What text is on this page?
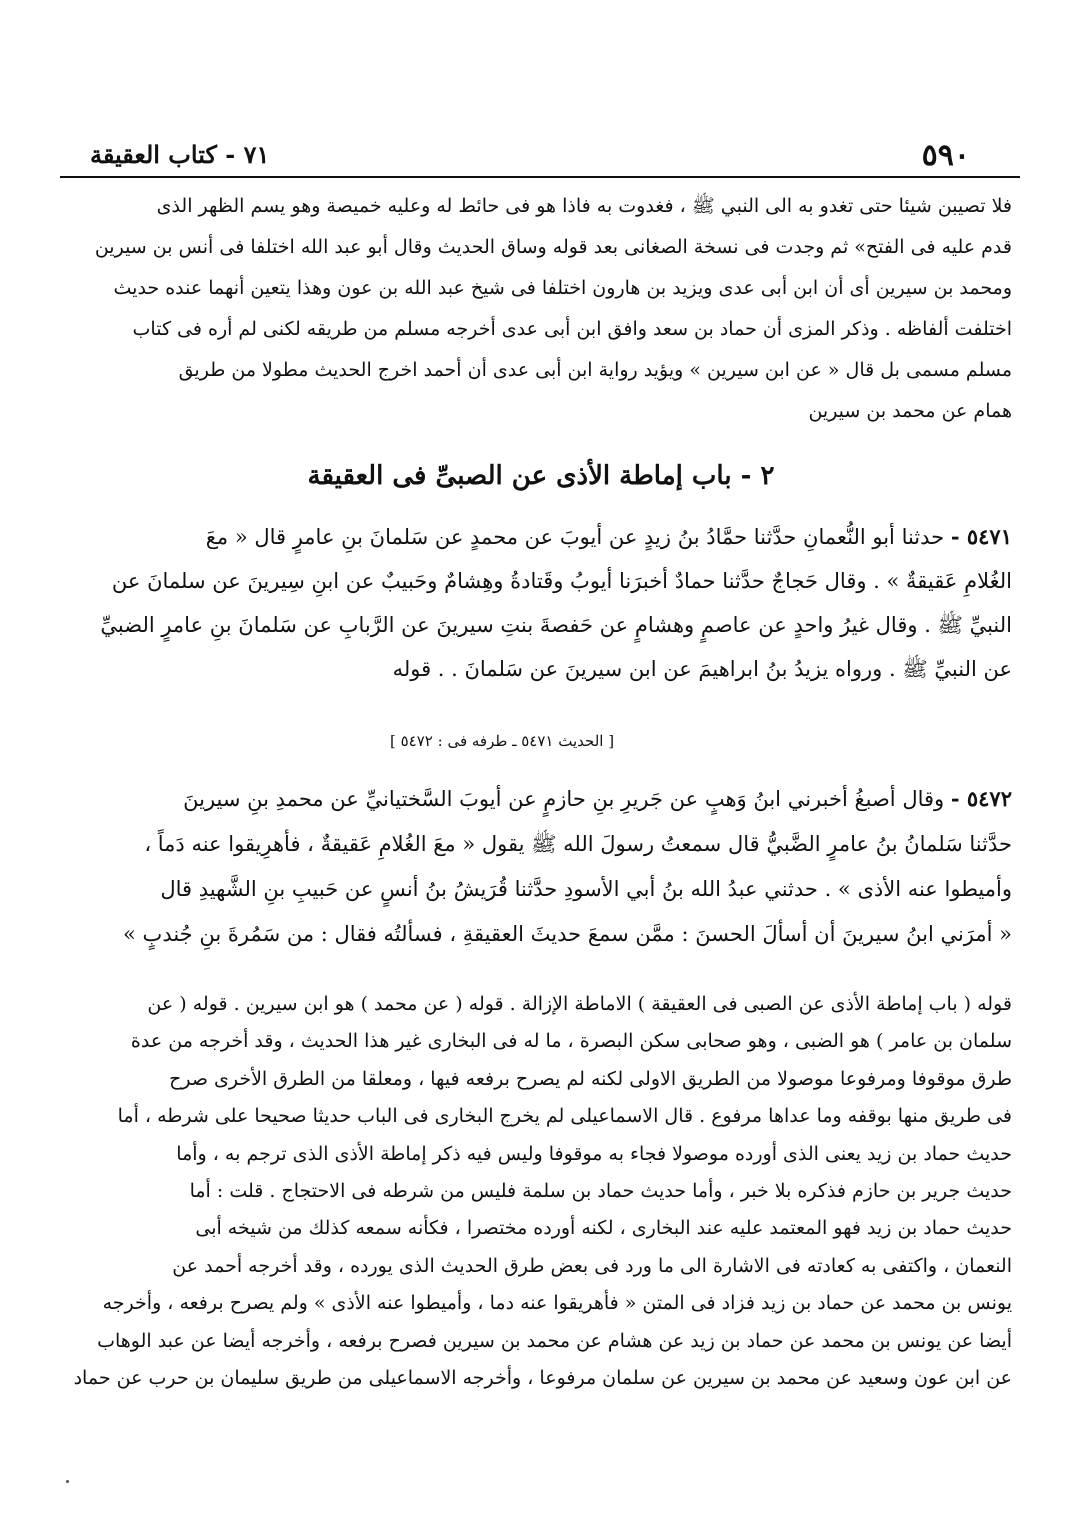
٥٩٠
٧١ - كتاب العقيقة
فلا تصيبن شيئا حتى تغدو به الى النبي ﷺ ، فغدوت به فاذا هو فى حائط له وعليه خميصة وهو يسم الظهر الذى
قدم عليه فى الفتح» ثم وجدت فى نسخة الصغانى بعد قوله وساق الحديث وقال أبو عبد الله اختلفا فى أنس بن سيرين
ومحمد بن سيرين أى أن ابن أبى عدى ويزيد بن هارون اختلفا فى شيخ عبد الله بن عون وهذا يتعين أنهما عنده حديث
اختلفت ألفاظه . وذكر المزى أن حماد بن سعد وافق ابن أبى عدى أخرجه مسلم من طريقه لكنى لم أره فى كتاب
مسلم مسمى بل قال « عن ابن سيرين » ويؤيد رواية ابن أبى عدى أن أحمد اخرج الحديث مطولا من طريق
همام عن محمد بن سيرين
٢ - باب إماطة الأذى عن الصبىِّ فى العقيقة
٥٤٧١ - حدثنا أبو النُّعمانِ حدَّثنا حمَّادُ بنُ زيدٍ عن أيوبَ عن محمدٍ عن سَلمانَ بنِ عامرٍ قال « معَ
الغُلامِ عَقيقةٌ » . وقال حَجاجٌ حدَّثنا حمادٌ أخبرَنا أيوبُ وقَتادةُ وهِشامٌ وحَبيبٌ عن ابنِ سِيرينَ عن سلمانَ عن
النبيِّ ﷺ . وقال غيرُ واحدٍ عن عاصمٍ وهشامٍ عن حَفصةَ بنتِ سيرينَ عن الرَّبابِ عن سَلمانَ بنِ عامرٍ الضبيِّ
عن النبيِّ ﷺ . ورواه يزيدُ بنُ ابراهيمَ عن ابن سيرينَ عن سَلمانَ . . قوله
[ الحديث ٥٤٧١ ـ طرفه فى : ٥٤٧٢ ]
٥٤٧٢ - وقال أصبغُ أخبرني ابنُ وَهبٍ عن جَريرِ بنِ حازمٍ عن أيوبَ السَّختيانيِّ عن محمدِ بنِ سيرينَ
حدَّثنا سَلمانُ بنُ عامرٍ الضَّبيُّ قال سمعتُ رسولَ الله ﷺ يقول « معَ الغُلامِ عَقيقةٌ ، فأهرِيقوا عنه دَماً ،
وأميطوا عنه الأذى » . حدثني عبدُ الله بنُ أبي الأسودِ حدَّثنا قُرَيشُ بنُ أنسٍ عن حَبيبِ بنِ الشَّهيدِ قال
« أمرَني ابنُ سيرينَ أن أسألَ الحسنَ : ممَّن سمعَ حديثَ العقيقةِ ، فسألتُه فقال : من سَمُرةَ بنِ جُندبٍ »
قوله ( باب إماطة الأذى عن الصبى فى العقيقة ) الاماطة الإزالة . قوله ( عن محمد ) هو ابن سيرين . قوله ( عن
سلمان بن عامر ) هو الضبى ، وهو صحابى سكن البصرة ، ما له فى البخارى غير هذا الحديث ، وقد أخرجه من عدة
طرق موقوفا ومرفوعا موصولا من الطريق الاولى لكنه لم يصرح برفعه فيها ، ومعلقا من الطرق الأخرى صرح
فى طريق منها بوقفه وما عداها مرفوع . قال الاسماعيلى لم يخرج البخارى فى الباب حديثا صحيحا على شرطه ، أما
حديث حماد بن زيد يعنى الذى أورده موصولا فجاء به موقوفا وليس فيه ذكر إماطة الأذى الذى ترجم به ، وأما
حديث جرير بن حازم فذكره بلا خبر ، وأما حديث حماد بن سلمة فليس من شرطه فى الاحتجاج . قلت : أما
حديث حماد بن زيد فهو المعتمد عليه عند البخارى ، لكنه أورده مختصرا ، فكأنه سمعه كذلك من شيخه أبى
النعمان ، واكتفى به كعادته فى الاشارة الى ما ورد فى بعض طرق الحديث الذى يورده ، وقد أخرجه أحمد عن
يونس بن محمد عن حماد بن زيد فزاد فى المتن « فأهريقوا عنه دما ، وأميطوا عنه الأذى » ولم يصرح برفعه ، وأخرجه
أيضا عن يونس بن محمد عن حماد بن زيد عن هشام عن محمد بن سيرين فصرح برفعه ، وأخرجه أيضا عن عبد الوهاب
عن ابن عون وسعيد عن محمد بن سيرين عن سلمان مرفوعا ، وأخرجه الاسماعيلى من طريق سليمان بن حرب عن حماد
